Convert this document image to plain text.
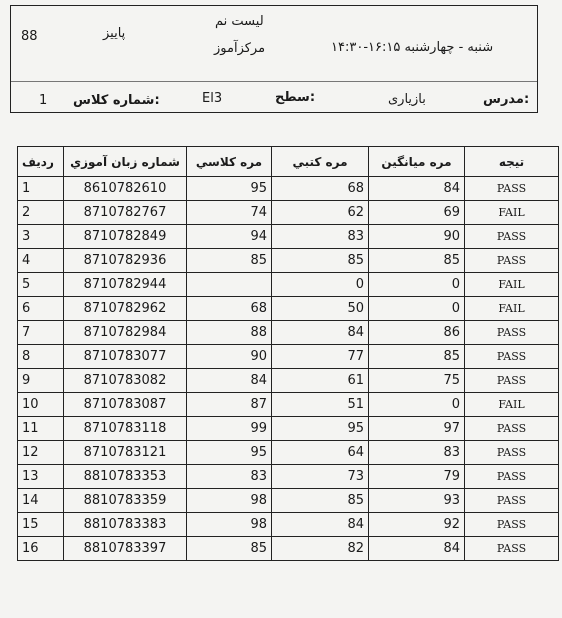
لیست نم
پاییز
88
مرکزآموز	شنبه - چهارشنبه ۱۶:۱۵-۱۴:۳۰
1 شماره کلاس:	El3	سطح:	بازیاری	مدرس:
ردیف	شماره زبان آموزي	مره كلاسي	مره كتبي	مره ميانگين	تيجه
1	8610782610	95	68	84	PASS
2	8710782767	74	62	69	FAIL
3	8710782849	94	83	90	PASS
4	8710782936	85	85	85	PASS
5	8710782944		0	0	FAIL
6	8710782962	68	50	0	FAIL
7	8710782984	88	84	86	PASS
8	8710783077	90	77	85	PASS
9	8710783082	84	61	75	PASS
10	8710783087	87	51	0	FAIL
11	8710783118	99	95	97	PASS
12	8710783121	95	64	83	PASS
13	8810783353	83	73	79	PASS
14	8810783359	98	85	93	PASS
15	8810783383	98	84	92	PASS
16	8810783397	85	82	84	PASS
